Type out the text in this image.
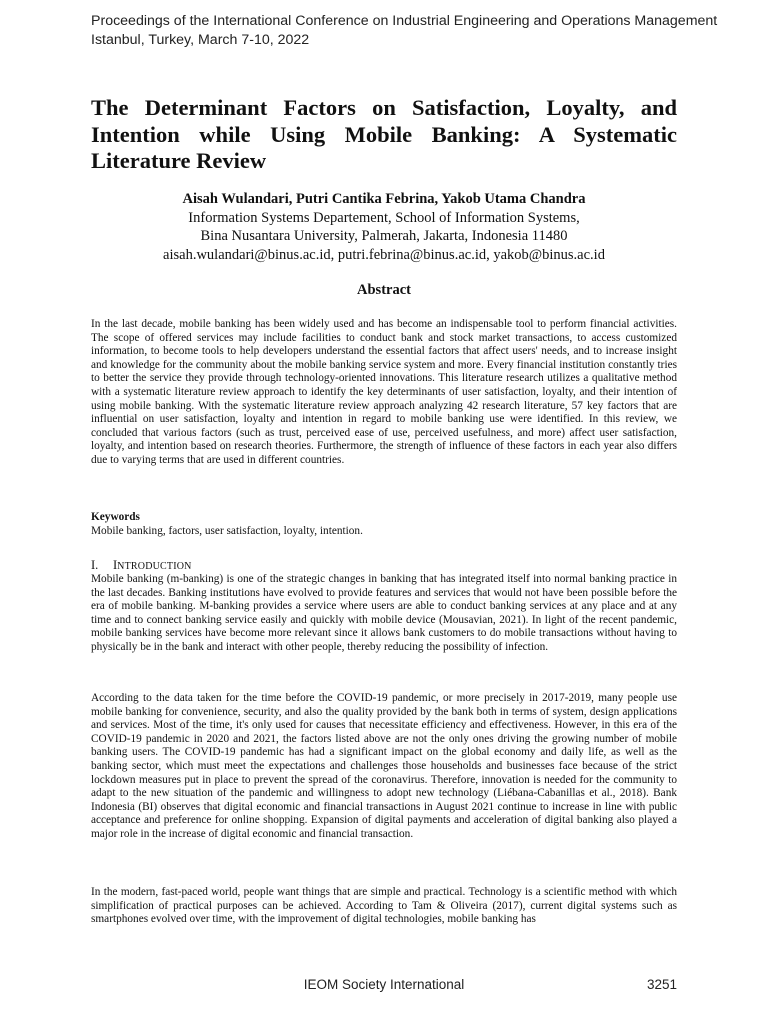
Proceedings of the International Conference on Industrial Engineering and Operations Management
Istanbul, Turkey, March 7-10, 2022
The Determinant Factors on Satisfaction, Loyalty, and Intention while Using Mobile Banking: A Systematic Literature Review
Aisah Wulandari, Putri Cantika Febrina, Yakob Utama Chandra
Information Systems Departement, School of Information Systems,
Bina Nusantara University, Palmerah, Jakarta, Indonesia 11480
aisah.wulandari@binus.ac.id, putri.febrina@binus.ac.id, yakob@binus.ac.id
Abstract

In the last decade, mobile banking has been widely used and has become an indispensable tool to perform financial activities. The scope of offered services may include facilities to conduct bank and stock market transactions, to access customized information, to become tools to help developers understand the essential factors that affect users' needs, and to increase insight and knowledge for the community about the mobile banking service system and more. Every financial institution constantly tries to better the service they provide through technology-oriented innovations. This literature research utilizes a qualitative method with a systematic literature review approach to identify the key determinants of user satisfaction, loyalty, and their intention of using mobile banking. With the systematic literature review approach analyzing 42 research literature, 57 key factors that are influential on user satisfaction, loyalty and intention in regard to mobile banking use were identified. In this review, we concluded that various factors (such as trust, perceived ease of use, perceived usefulness, and more) affect user satisfaction, loyalty, and intention based on research theories. Furthermore, the strength of influence of these factors in each year also differs due to varying terms that are used in different countries.

Keywords
Mobile banking, factors, user satisfaction, loyalty, intention.
I. INTRODUCTION

Mobile banking (m-banking) is one of the strategic changes in banking that has integrated itself into normal banking practice in the last decades. Banking institutions have evolved to provide features and services that would not have been possible before the era of mobile banking. M-banking provides a service where users are able to conduct banking services at any place and at any time and to connect banking service easily and quickly with mobile device (Mousavian, 2021). In light of the recent pandemic, mobile banking services have become more relevant since it allows bank customers to do mobile transactions without having to physically be in the bank and interact with other people, thereby reducing the possibility of infection.

According to the data taken for the time before the COVID-19 pandemic, or more precisely in 2017-2019, many people use mobile banking for convenience, security, and also the quality provided by the bank both in terms of system, design applications and services. Most of the time, it's only used for causes that necessitate efficiency and effectiveness. However, in this era of the COVID-19 pandemic in 2020 and 2021, the factors listed above are not the only ones driving the growing number of mobile banking users. The COVID-19 pandemic has had a significant impact on the global economy and daily life, as well as the banking sector, which must meet the expectations and challenges those households and businesses face because of the strict lockdown measures put in place to prevent the spread of the coronavirus. Therefore, innovation is needed for the community to adapt to the new situation of the pandemic and willingness to adopt new technology (Liébana-Cabanillas et al., 2018). Bank Indonesia (BI) observes that digital economic and financial transactions in August 2021 continue to increase in line with public acceptance and preference for online shopping. Expansion of digital payments and acceleration of digital banking also played a major role in the increase of digital economic and financial transaction.

In the modern, fast-paced world, people want things that are simple and practical. Technology is a scientific method with which simplification of practical purposes can be achieved. According to Tam & Oliveira (2017), current digital systems such as smartphones evolved over time, with the improvement of digital technologies, mobile banking has

IEOM Society International	3251
